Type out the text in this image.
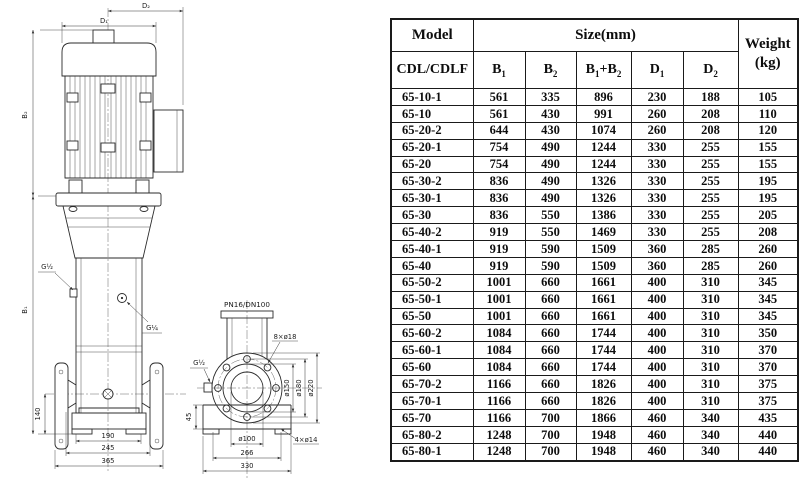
D₁
D₂
B₂
B₁
140
190
245
365
G½
G¼
PN16/DN100
45
G½
8×ø18
4×ø14
ø150 ø180 ø220
ø100
266
330
Model	Size(mm)					Weight
(kg)

CDL/CDLF	$B_1$	$B_2$	$B_1+B_2$	$D_1$	$D_2$
65-10-1	561	335	896	230	188	105
65-10	561	430	991	260	208	110
65-20-2	644	430	1074	260	208	120
65-20-1	754	490	1244	330	255	155
65-20	754	490	1244	330	255	155
65-30-2	836	490	1326	330	255	195
65-30-1	836	490	1326	330	255	195
65-30	836	550	1386	330	255	205
65-40-2	919	550	1469	330	255	208
65-40-1	919	590	1509	360	285	260
65-40	919	590	1509	360	285	260
65-50-2	1001	660	1661	400	310	345
65-50-1	1001	660	1661	400	310	345
65-50	1001	660	1661	400	310	345
65-60-2	1084	660	1744	400	310	350
65-60-1	1084	660	1744	400	310	370
65-60	1084	660	1744	400	310	370
65-70-2	1166	660	1826	400	310	375
65-70-1	1166	660	1826	400	310	375
65-70	1166	700	1866	460	340	435
65-80-2	1248	700	1948	460	340	440
65-80-1	1248	700	1948	460	340	440
